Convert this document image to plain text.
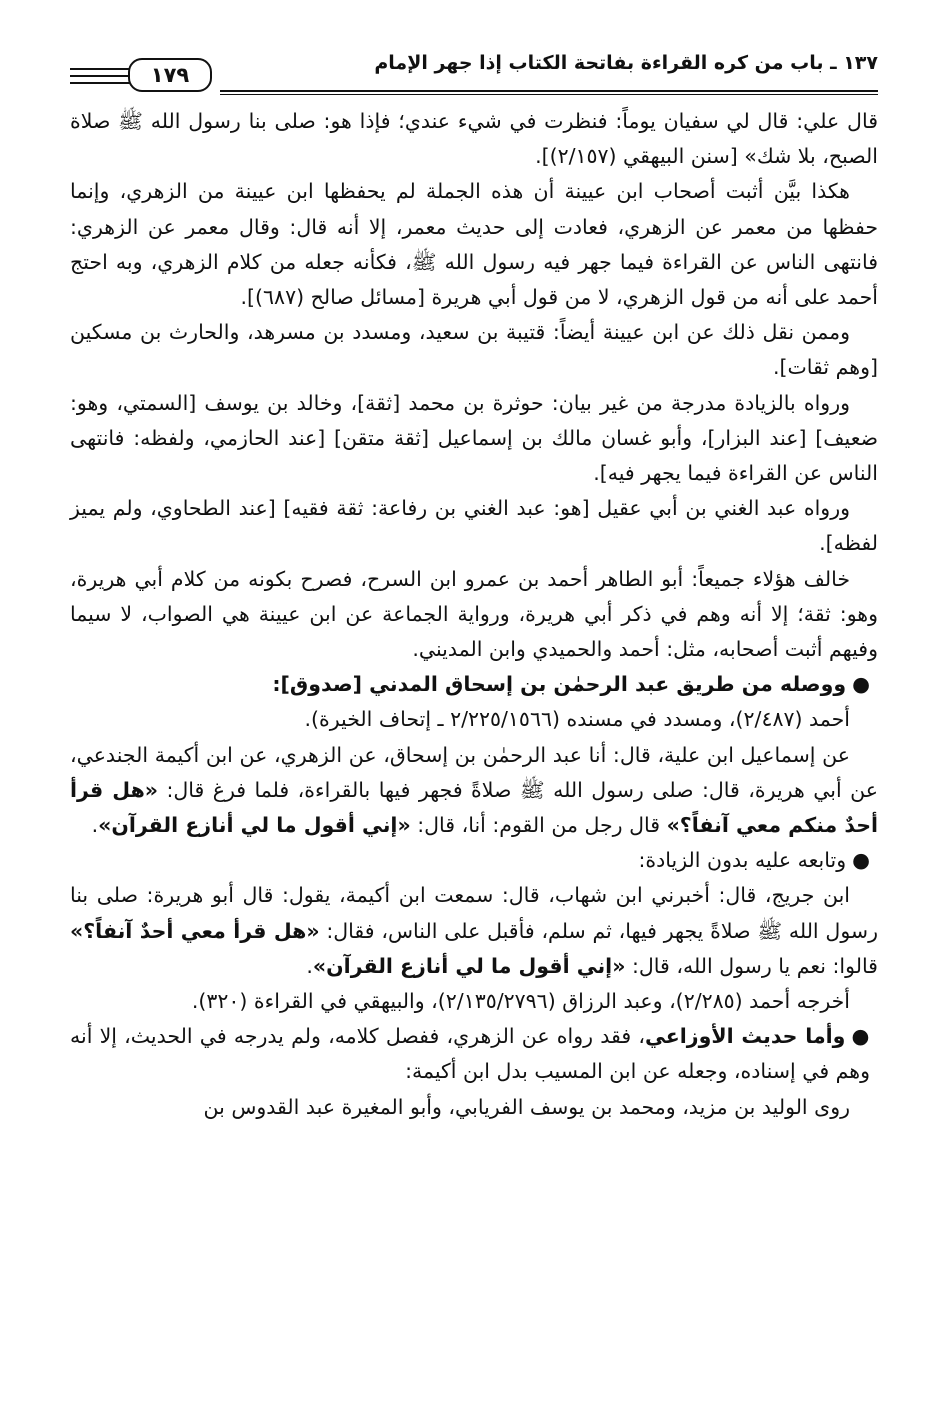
١٣٧ ـ باب من كره القراءة بفاتحة الكتاب إذا جهر الإمام
١٧٩

قال علي: قال لي سفيان يوماً: فنظرت في شيء عندي؛ فإذا هو: صلى بنا رسول الله ﷺ صلاة الصبح، بلا شك» [سنن البيهقي (٢/١٥٧)].

هكذا بيَّن أثبت أصحاب ابن عيينة أن هذه الجملة لم يحفظها ابن عيينة من الزهري، وإنما حفظها من معمر عن الزهري، فعادت إلى حديث معمر، إلا أنه قال: وقال معمر عن الزهري: فانتهى الناس عن القراءة فيما جهر فيه رسول الله ﷺ، فكأنه جعله من كلام الزهري، وبه احتج أحمد على أنه من قول الزهري، لا من قول أبي هريرة [مسائل صالح (٦٨٧)].

وممن نقل ذلك عن ابن عيينة أيضاً: قتيبة بن سعيد، ومسدد بن مسرهد، والحارث بن مسكين [وهم ثقات].

ورواه بالزيادة مدرجة من غير بيان: حوثرة بن محمد [ثقة]، وخالد بن يوسف [السمتي، وهو: ضعيف] [عند البزار]، وأبو غسان مالك بن إسماعيل [ثقة متقن] [عند الحازمي، ولفظه: فانتهى الناس عن القراءة فيما يجهر فيه].

ورواه عبد الغني بن أبي عقيل [هو: عبد الغني بن رفاعة: ثقة فقيه] [عند الطحاوي، ولم يميز لفظه].

خالف هؤلاء جميعاً: أبو الطاهر أحمد بن عمرو ابن السرح، فصرح بكونه من كلام أبي هريرة، وهو: ثقة؛ إلا أنه وهم في ذكر أبي هريرة، ورواية الجماعة عن ابن عيينة هي الصواب، لا سيما وفيهم أثبت أصحابه، مثل: أحمد والحميدي وابن المديني.

●ووصله من طريق عبد الرحمٰن بن إسحاق المدني [صدوق]:

أحمد (٢/٤٨٧)، ومسدد في مسنده (٢/٢٢٥/١٥٦٦ ـ إتحاف الخيرة).

عن إسماعيل ابن علية، قال: أنا عبد الرحمٰن بن إسحاق، عن الزهري، عن ابن أكيمة الجندعي، عن أبي هريرة، قال: صلى رسول الله ﷺ صلاةً فجهر فيها بالقراءة، فلما فرغ قال: «هل قرأ أحدٌ منكم معي آنفاً؟» قال رجل من القوم: أنا، قال: «إني أقول ما لي أنازع القرآن».

●وتابعه عليه بدون الزيادة:

ابن جريج، قال: أخبرني ابن شهاب، قال: سمعت ابن أكيمة، يقول: قال أبو هريرة: صلى بنا رسول الله ﷺ صلاةً يجهر فيها، ثم سلم، فأقبل على الناس، فقال: «هل قرأ معي أحدٌ آنفاً؟» قالوا: نعم يا رسول الله، قال: «إني أقول ما لي أنازع القرآن».

أخرجه أحمد (٢/٢٨٥)، وعبد الرزاق (٢/١٣٥/٢٧٩٦)، والبيهقي في القراءة (٣٢٠).

●وأما حديث الأوزاعي، فقد رواه عن الزهري، ففصل كلامه، ولم يدرجه في الحديث، إلا أنه وهم في إسناده، وجعله عن ابن المسيب بدل ابن أكيمة:

روى الوليد بن مزيد، ومحمد بن يوسف الفريابي، وأبو المغيرة عبد القدوس بن
